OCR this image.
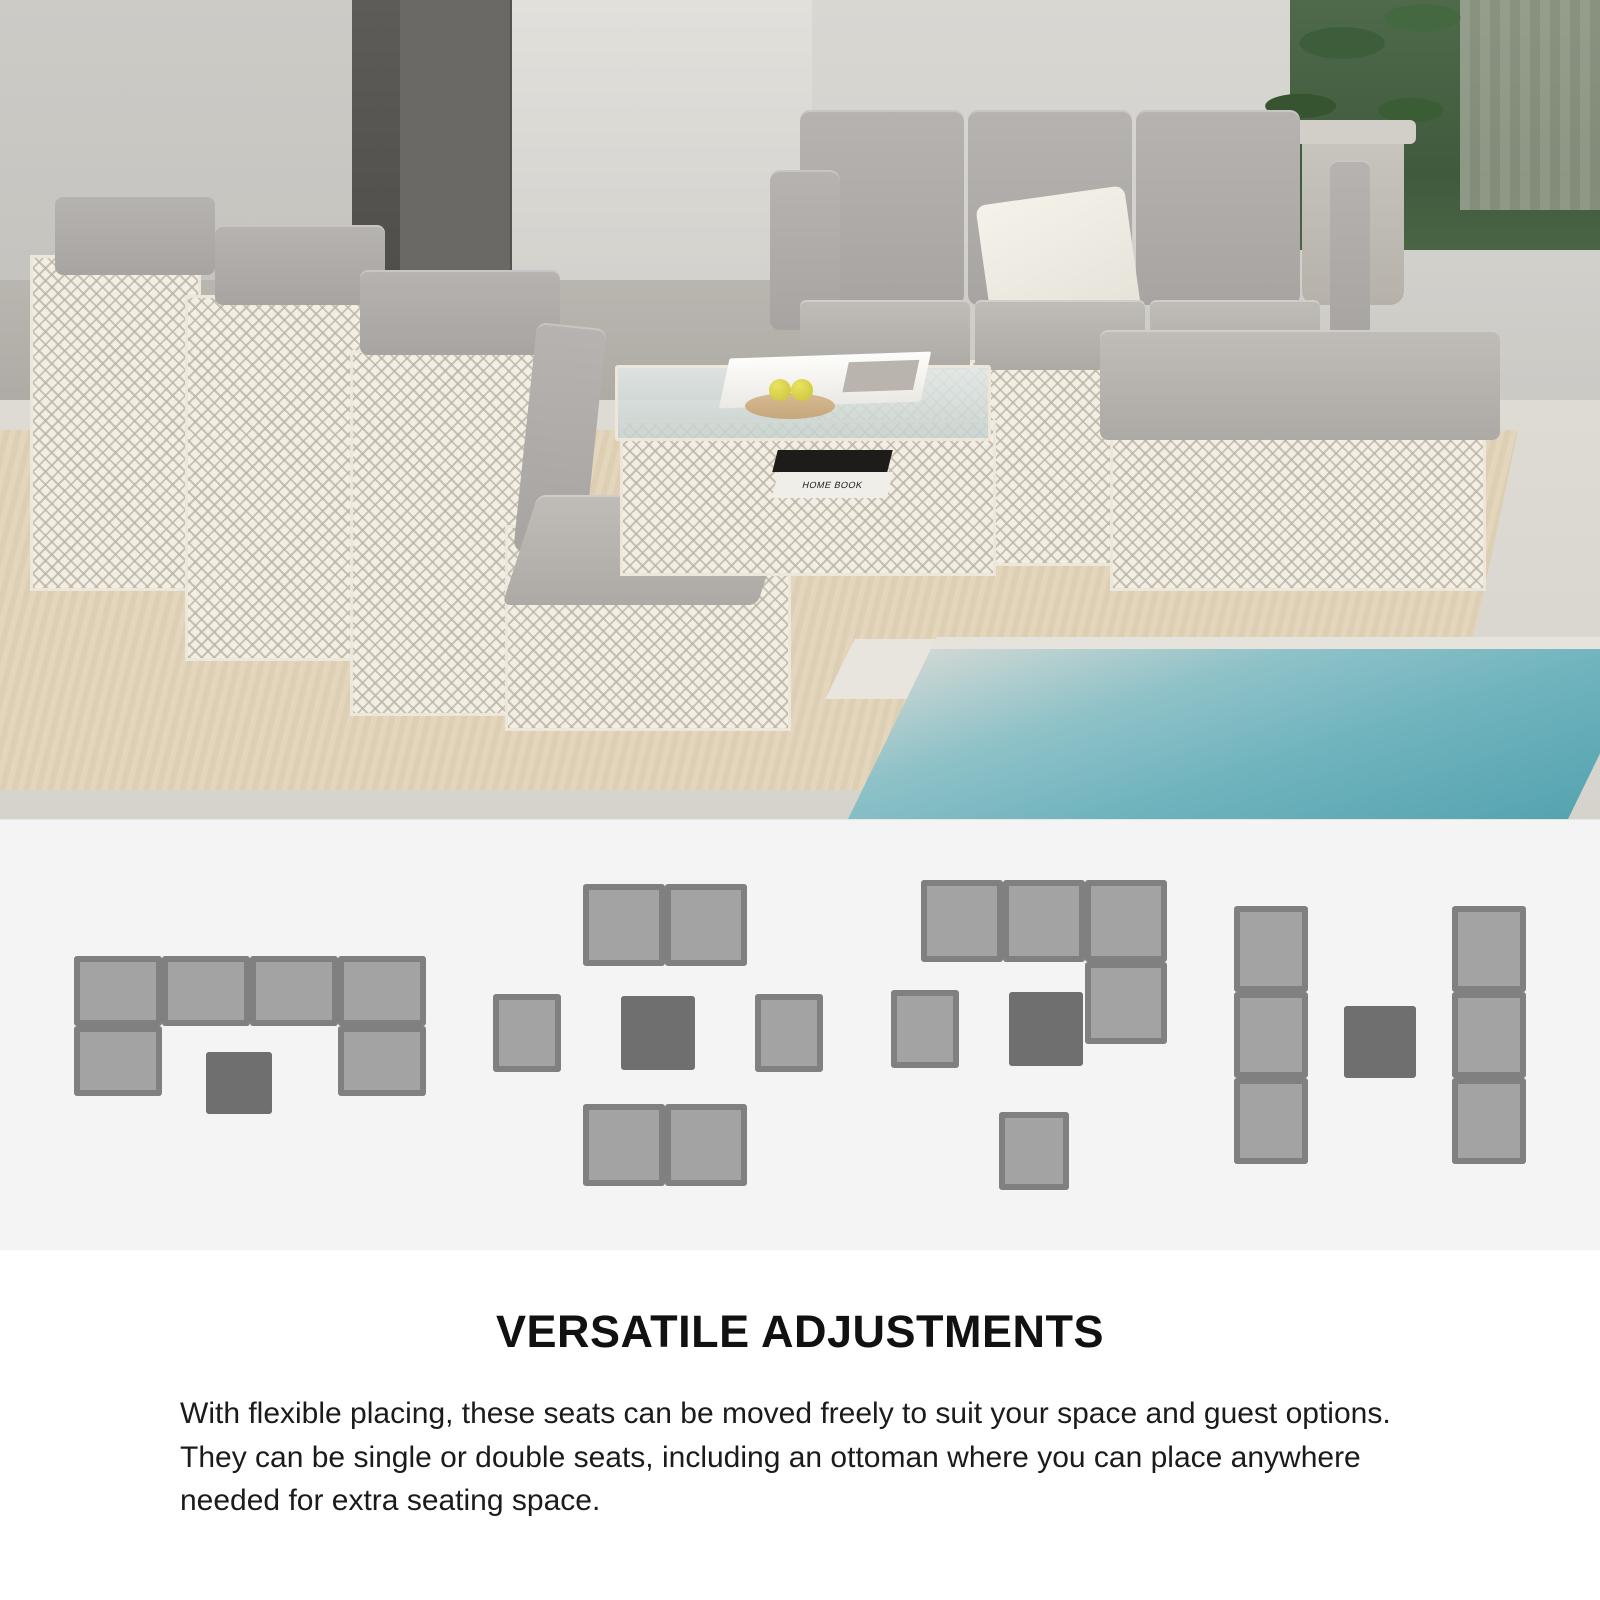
HOME BOOK
VERSATILE ADJUSTMENTS

With flexible placing, these seats can be moved freely to suit your space and guest options. They can be single or double seats, including an ottoman where you can place anywhere needed for extra seating space.
